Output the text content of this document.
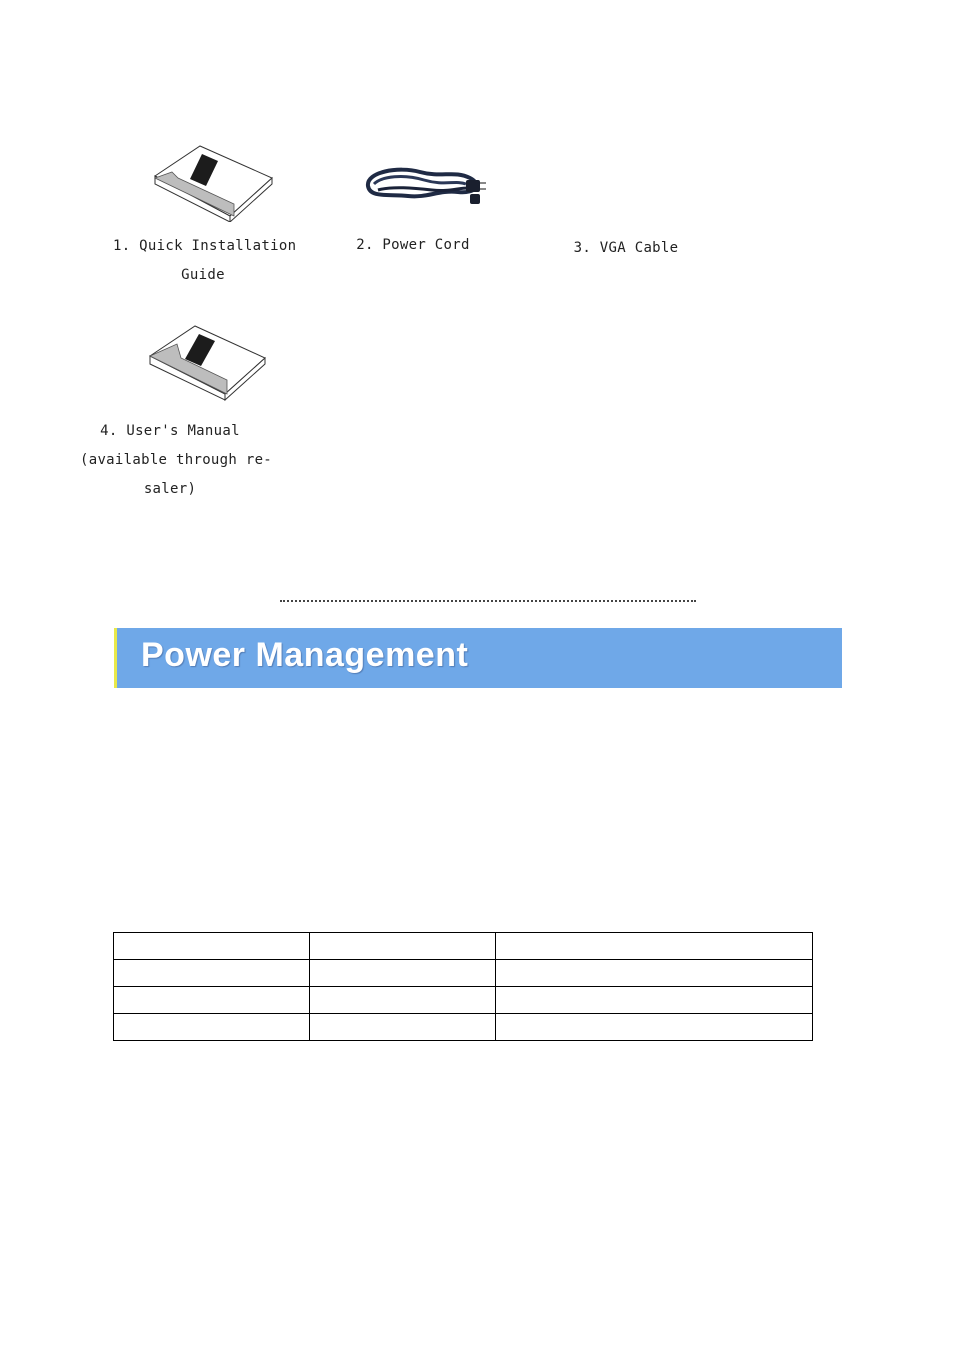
1. Quick Installation
Guide
2. Power Cord	3. VGA Cable
4. User's Manual
(available through re-
saler)
Power Management
